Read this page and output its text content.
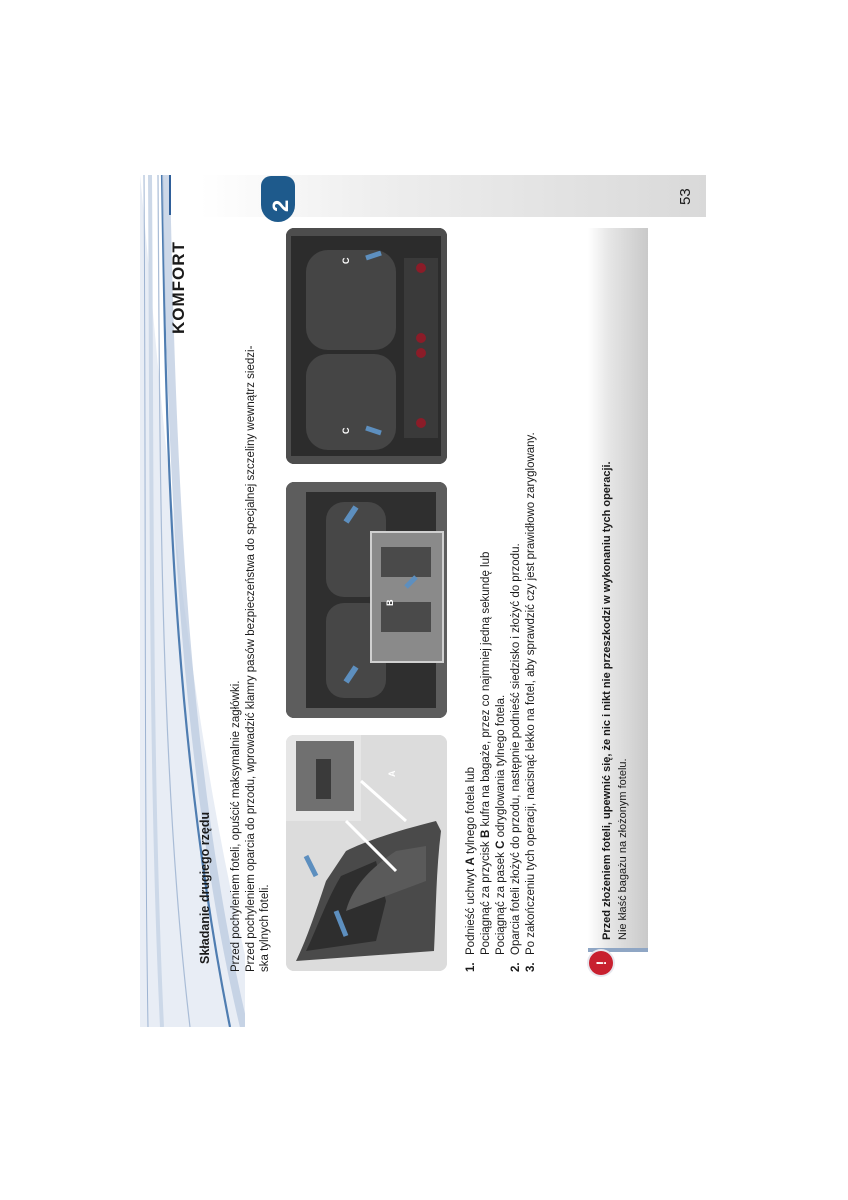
2
53
KOMFORT
A
B
C
C
Składanie drugiego rzędu Przed pochyleniem foteli, opuścić maksymalnie zagłówki. Przed pochyleniem oparcia do przodu, wprowadzić klamry pasów bezpieczeństwa do specjalnej szczeliny wewnątrz siedzi- ska tylnych foteli.	1.
Podnieść uchwyt A tylnego fotela lub
Pociągnąć za przycisk B kufra na bagaże, przez co najmniej jedną sekundę lub
Pociągnąć za pasek C odryglowania tylnego fotela.
2.
Oparcia foteli złożyć do przodu, następnie podnieść siedzisko i złożyć do przodu.
3.
Po zakończeniu tych operacji, nacisnąć lekko na fotel, aby sprawdzić czy jest prawidłowo zaryglowany.
!
Przed złożeniem foteli, upewnić się, że nic i nikt nie przeszkodzi w wykonaniu tych operacji. Nie kłaść bagażu na złożonym fotelu.
